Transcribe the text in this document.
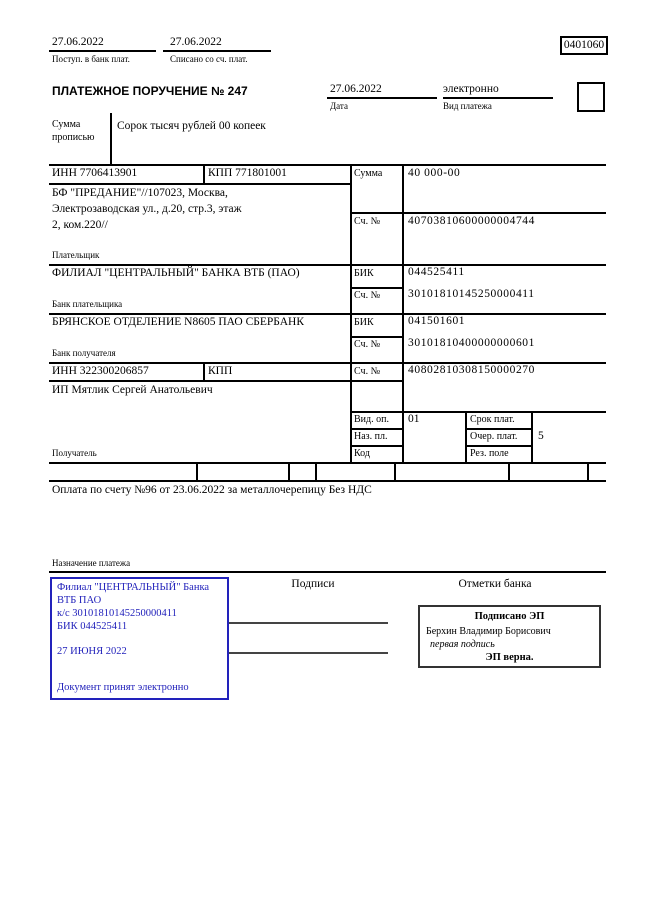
27.06.2022
Поступ. в банк плат.
27.06.2022
Списано со сч. плат.
0401060
ПЛАТЕЖНОЕ ПОРУЧЕНИЕ № 247	27.06.2022
Дата
электронно
Вид платежа
Сумма
прописью
Сорок тысяч рублей 00 копеек
ИНН 7706413901	КПП 771801001
БФ "ПРЕДАНИЕ"//107023, Москва,
Электрозаводская ул., д.20, стр.3, этаж
2, ком.220//
Плательщик
ФИЛИАЛ "ЦЕНТРАЛЬНЫЙ" БАНКА ВТБ (ПАО)
Банк плательщика
БРЯНСКОЕ ОТДЕЛЕНИЕ N8605 ПАО СБЕРБАНК
Банк получателя
ИНН 322300206857	КПП
ИП Мятлик Сергей Анатольевич
Получатель
Сумма 40 000-00
Сч. № 40703810600000004744
БИК	044525411
Сч. № 30101810145250000411
БИК	041501601
Сч. № 30101810400000000601
Сч. № 40802810308150000270
Вид. оп. 01
Наз. пл.
Код
Срок плат.
Очер. плат. 5
Рез. поле
Оплата по счету №96 от 23.06.2022 за металлочерепицу Без НДС
Назначение платежа
Филиал "ЦЕНТРАЛЬНЫЙ" Банка
ВТБ ПАО
к/с 30101810145250000411
БИК 044525411
27 ИЮНЯ 2022
Документ принят электронно
Подписи	Отметки банка
Подписано ЭП
Берхин Владимир Борисович
первая подпись
ЭП верна.
